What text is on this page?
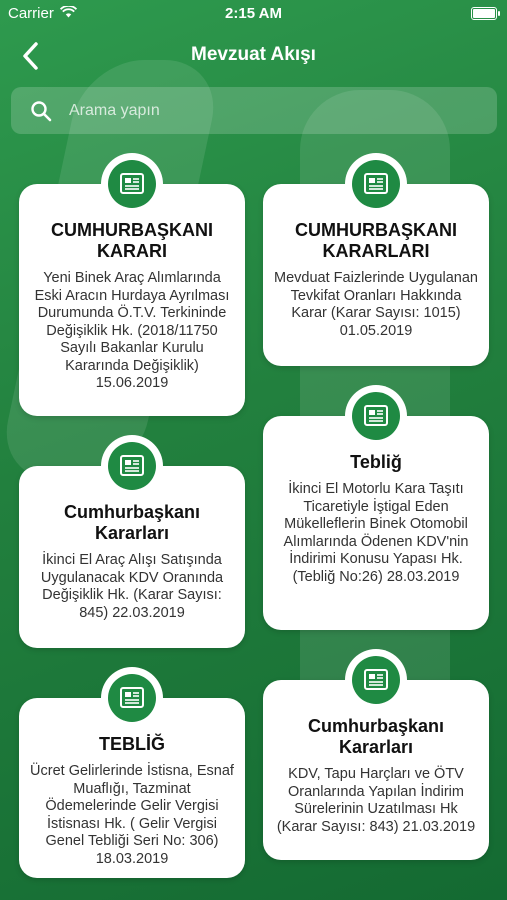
Carrier	2:15 AM
Mevzuat Akışı
Arama yapın
CUMHURBAŞKANI KARARI
Yeni Binek Araç Alımlarında Eski Aracın Hurdaya Ayrılması Durumunda Ö.T.V. Terkininde Değişiklik Hk. (2018/11750 Sayılı Bakanlar Kurulu Kararında Değişiklik) 15.06.2019
CUMHURBAŞKANI KARARLARI
Mevduat Faizlerinde Uygulanan Tevkifat Oranları Hakkında Karar (Karar Sayısı: 1015) 01.05.2019
Tebliğ
İkinci El Motorlu Kara Taşıtı Ticaretiyle İştigal Eden Mükelleflerin Binek Otomobil Alımlarında Ödenen KDV'nin İndirimi Konusu Yapası Hk. (Tebliğ No:26) 28.03.2019
Cumhurbaşkanı Kararları
İkinci El Araç Alışı Satışında Uygulanacak KDV Oranında Değişiklik Hk. (Karar Sayısı: 845) 22.03.2019
TEBLİĞ
Ücret Gelirlerinde İstisna, Esnaf Muaflığı, Tazminat Ödemelerinde Gelir Vergisi İstisnası Hk. ( Gelir Vergisi Genel Tebliği Seri No: 306) 18.03.2019
Cumhurbaşkanı Kararları
KDV, Tapu Harçları ve ÖTV Oranlarında Yapılan İndirim Sürelerinin Uzatılması Hk (Karar Sayısı: 843) 21.03.2019
